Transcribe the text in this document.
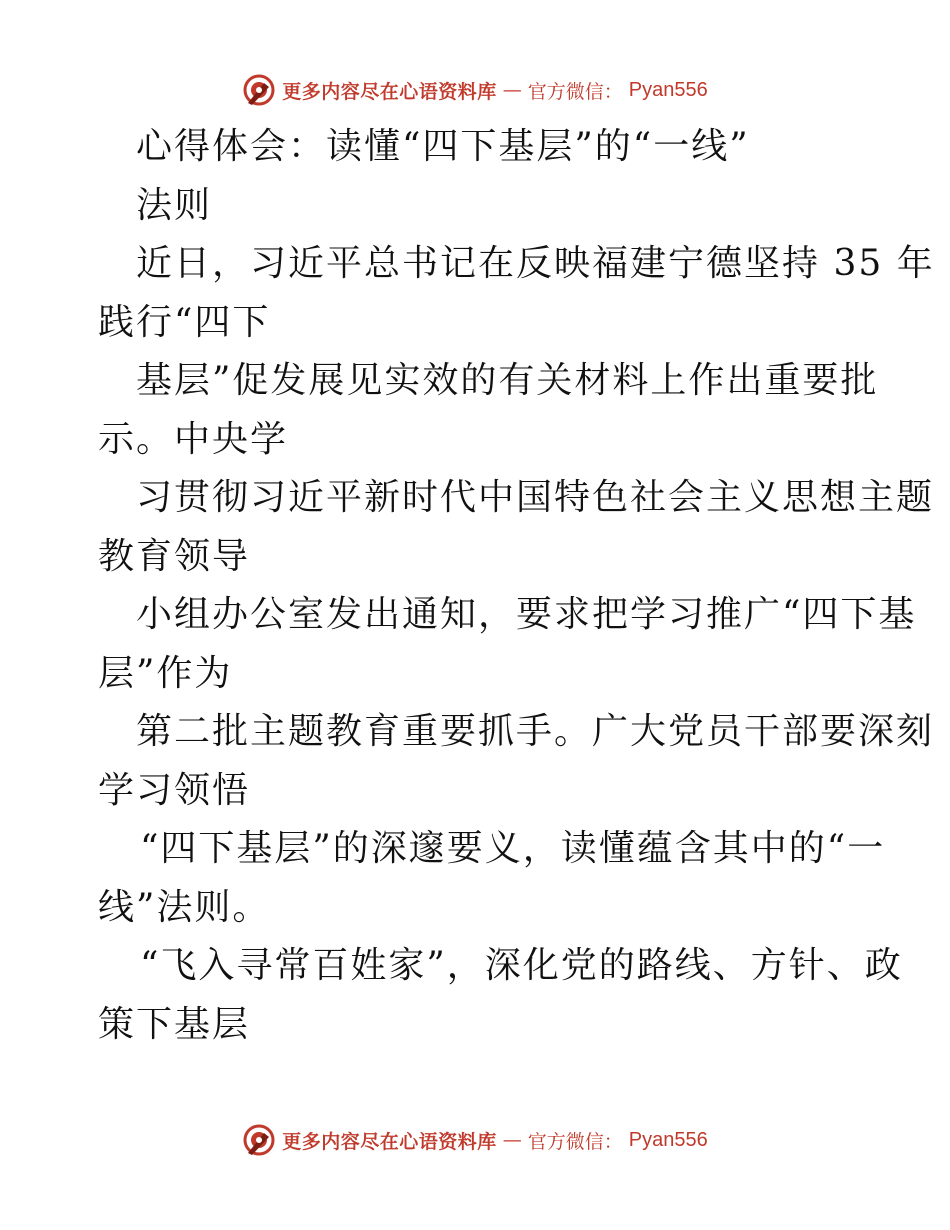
更多内容尽在心语资料库 — 官方微信： Pyan556
心得体会：读懂“四下基层”的“一线”
法则
近日，习近平总书记在反映福建宁德坚持 35 年
践行“四下
基层”促发展见实效的有关材料上作出重要批
示。中央学
习贯彻习近平新时代中国特色社会主义思想主题
教育领导
小组办公室发出通知，要求把学习推广“四下基
层”作为
第二批主题教育重要抓手。广大党员干部要深刻
学习领悟
“四下基层”的深邃要义，读懂蕴含其中的“一
线”法则。
“飞入寻常百姓家”，深化党的路线、方针、政
策下基层
更多内容尽在心语资料库 — 官方微信： Pyan556
